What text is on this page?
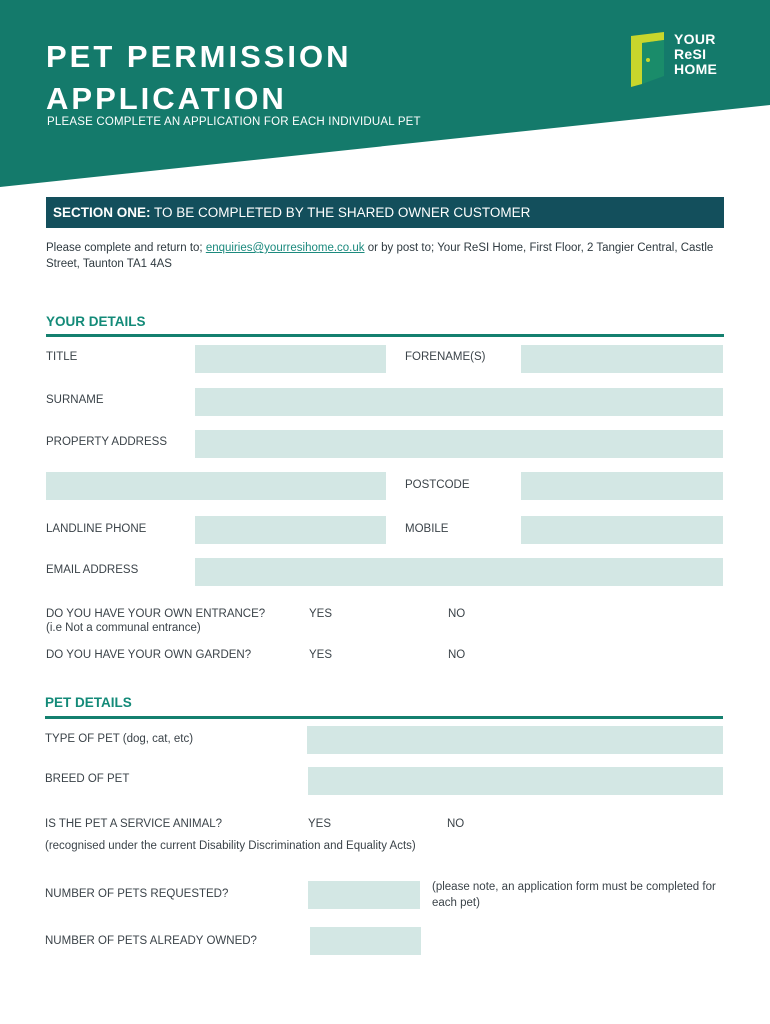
PET PERMISSION
APPLICATION
PLEASE COMPLETE AN APPLICATION FOR EACH INDIVIDUAL PET
YOUR
ReSI
HOME
SECTION ONE: TO BE COMPLETED BY THE SHARED OWNER CUSTOMER
Please complete and return to; enquiries@yourresihome.co.uk or by post to; Your ReSI Home, First Floor, 2 Tangier Central, Castle Street, Taunton TA1 4AS
YOUR DETAILS
TITLE	FORENAME(S)
SURNAME
PROPERTY ADDRESS
POSTCODE
LANDLINE PHONE	MOBILE
EMAIL ADDRESS
DO YOU HAVE YOUR OWN ENTRANCE?
(i.e Not a communal entrance)
YES	NO
DO YOU HAVE YOUR OWN GARDEN?	YES	NO
PET DETAILS
TYPE OF PET (dog, cat, etc)
BREED OF PET
IS THE PET A SERVICE ANIMAL?	YES	NO
(recognised under the current Disability Discrimination and Equality Acts)
NUMBER OF PETS REQUESTED?
(please note, an application form must be completed for each pet)
NUMBER OF PETS ALREADY OWNED?
